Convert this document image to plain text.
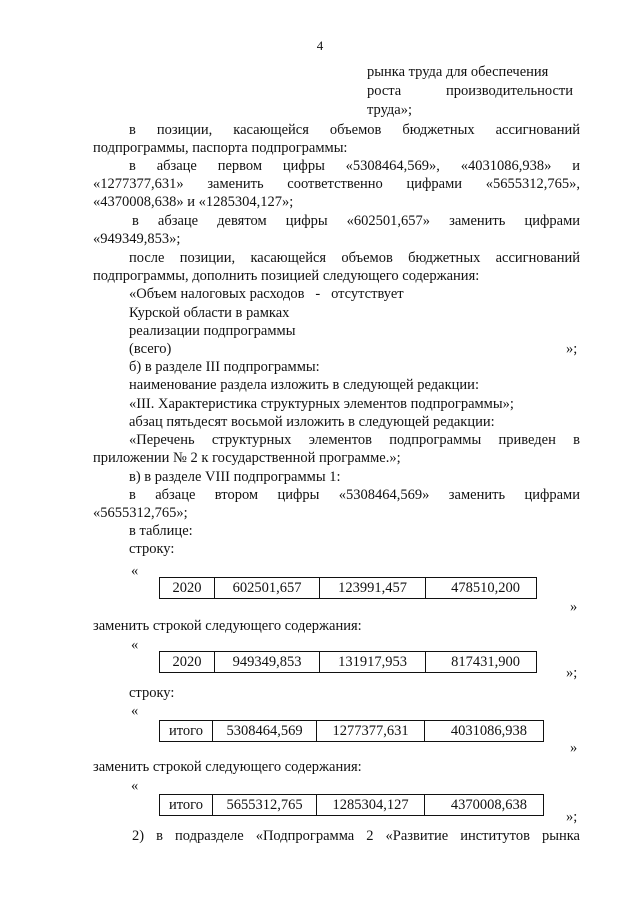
4
рынка труда для обеспечения
роста	производительности
труда»;
в позиции, касающейся объемов бюджетных ассигнований
подпрограммы, паспорта подпрограммы:
в абзаце первом цифры «5308464,569», «4031086,938» и
«1277377,631» заменить соответственно цифрами «5655312,765»,
«4370008,638» и «1285304,127»;
в абзаце девятом цифры «602501,657» заменить цифрами
«949349,853»;
после позиции, касающейся объемов бюджетных ассигнований
подпрограммы, дополнить позицией следующего содержания:
«Объем налоговых расходов   -   отсутствует
Курской области в рамках
реализации подпрограммы
(всего)	»;
б) в разделе III подпрограммы:
наименование раздела изложить в следующей редакции:
«III. Характеристика структурных элементов подпрограммы»;
абзац пятьдесят восьмой изложить в следующей редакции:
«Перечень структурных элементов подпрограммы приведен в
приложении № 2 к государственной программе.»;
в) в разделе VIII подпрограммы 1:
в абзаце втором цифры «5308464,569» заменить цифрами
«5655312,765»;
в таблице:
строку:
«
2020	602501,657	123991,457	478510,200
»
заменить строкой следующего содержания:
«
2020	949349,853	131917,953	817431,900
»;
строку:
«
итого	5308464,569	1277377,631	4031086,938
»
заменить строкой следующего содержания:
«
итого	5655312,765	1285304,127	4370008,638
»;
2) в подразделе «Подпрограмма 2 «Развитие институтов рынка
